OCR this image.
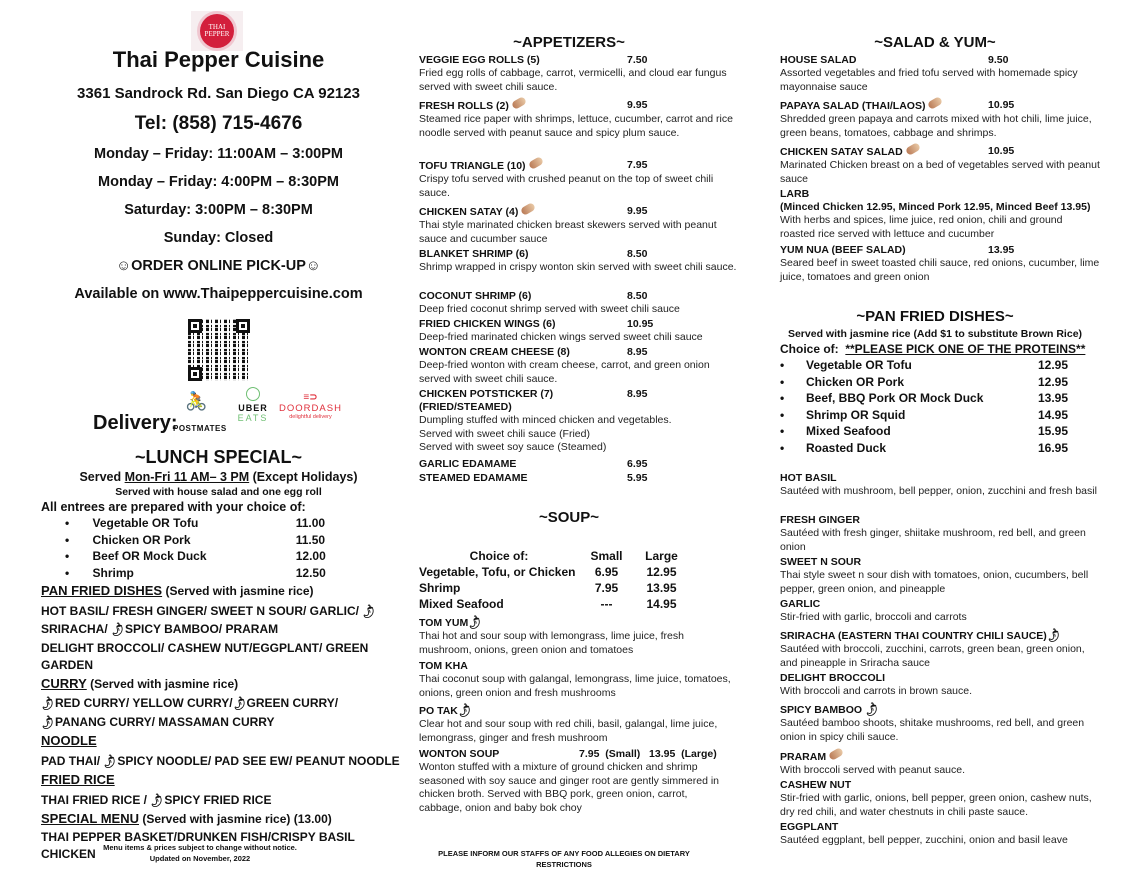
THAI
PEPPER
Thai Pepper Cuisine
3361 Sandrock Rd. San Diego CA 92123
Tel: (858) 715-4676
Monday – Friday: 11:00AM – 3:00PM
Monday – Friday: 4:00PM – 8:30PM
Saturday: 3:00PM – 8:30PM
Sunday: Closed
☺ORDER ONLINE PICK-UP☺
Available on www.Thaipeppercuisine.com
Delivery:
🚴
POSTMATES
UBER
EATS
≡⊃
DOORDASH
delightful delivery
~LUNCH SPECIAL~
Served Mon-Fri 11 AM– 3 PM (Except Holidays)
Served with house salad and one egg roll
All entrees are prepared with your choice of:
•	Vegetable OR Tofu	11.00
•	Chicken OR Pork	11.50
•	Beef OR Mock Duck	12.00
•	Shrimp	12.50
PAN FRIED DISHES (Served with jasmine rice)
HOT BASIL/ FRESH GINGER/ SWEET N SOUR/ GARLIC/ 🌶
SRIRACHA/ 🌶SPICY BAMBOO/ PRARAM
DELIGHT BROCCOLI/ CASHEW NUT/EGGPLANT/ GREEN GARDEN
CURRY (Served with jasmine rice)
🌶RED CURRY/ YELLOW CURRY/🌶GREEN CURRY/
🌶PANANG CURRY/ MASSAMAN CURRY
NOODLE
PAD THAI/ 🌶SPICY NOODLE/ PAD SEE EW/ PEANUT NOODLE
FRIED RICE
THAI FRIED RICE / 🌶SPICY FRIED RICE
SPECIAL MENU (Served with jasmine rice) (13.00)
THAI PEPPER BASKET/DRUNKEN FISH/CRISPY BASIL CHICKEN Menu items & prices subject to change without notice.
Updated on November, 2022
~APPETIZERS~
VEGGIE EGG ROLLS (5)	7.50
Fried egg rolls of cabbage, carrot, vermicelli, and cloud ear fungus served with sweet chili sauce.
FRESH ROLLS (2)	9.95
Steamed rice paper with shrimps, lettuce, cucumber, carrot and rice noodle served with peanut sauce and spicy plum sauce.
TOFU TRIANGLE (10)	7.95
Crispy tofu served with crushed peanut on the top of sweet chili sauce.
CHICKEN SATAY (4)	9.95
Thai style marinated chicken breast skewers served with peanut sauce and cucumber sauce
BLANKET SHRIMP (6)	8.50
Shrimp wrapped in crispy wonton skin served with sweet chili sauce.
COCONUT SHRIMP (6)	8.50
Deep fried coconut shrimp served with sweet chili sauce
FRIED CHICKEN WINGS (6)	10.95
Deep-fried marinated chicken wings served sweet chili sauce
WONTON CREAM CHEESE (8)	8.95
Deep-fried wonton with cream cheese, carrot, and green onion served with sweet chili sauce.
CHICKEN POTSTICKER (7)	8.95
(FRIED/STEAMED)
Dumpling stuffed with minced chicken and vegetables.
Served with sweet chili sauce (Fried)
Served with sweet soy sauce (Steamed)
GARLIC EDAMAME	6.95
STEAMED EDAMAME	5.95
~SOUP~
Choice of:	Small	Large
Vegetable, Tofu, or Chicken	6.95	12.95
Shrimp	7.95	13.95
Mixed Seafood	---	14.95
TOM YUM🌶
Thai hot and sour soup with lemongrass, lime juice, fresh mushroom, onions, green onion and tomatoes
TOM KHA
Thai coconut soup with galangal, lemongrass, lime juice, tomatoes, onions, green onion and fresh mushrooms
PO TAK🌶
Clear hot and sour soup with red chili, basil, galangal, lime juice, lemongrass, ginger and fresh mushroom
WONTON SOUP	7.95  (Small)   13.95  (Large)
Wonton stuffed with a mixture of ground chicken and shrimp seasoned with soy sauce and ginger root are gently simmered in chicken broth. Served with BBQ pork, green onion, carrot, cabbage, onion and baby bok choy
PLEASE INFORM OUR STAFFS OF ANY FOOD ALLEGIES ON DIETARY
RESTRICTIONS
~SALAD & YUM~
HOUSE SALAD	9.50
Assorted vegetables and fried tofu served with homemade spicy mayonnaise sauce
PAPAYA SALAD (THAI/LAOS)	10.95
Shredded green papaya and carrots mixed with hot chili, lime juice, green beans, tomatoes, cabbage and shrimps.
CHICKEN SATAY SALAD	10.95
Marinated Chicken breast on a bed of vegetables served with peanut sauce
LARB
(Minced Chicken 12.95, Minced Pork 12.95, Minced Beef 13.95)
With herbs and spices, lime juice, red onion, chili and ground roasted rice served with lettuce and cucumber
YUM NUA (BEEF SALAD)	13.95
Seared beef in sweet toasted chili sauce, red onions, cucumber, lime juice, tomatoes and green onion
~PAN FRIED DISHES~
Served with jasmine rice (Add $1 to substitute Brown Rice)
Choice of:  **PLEASE PICK ONE OF THE PROTEINS**
•	Vegetable OR Tofu	12.95
•	Chicken OR Pork	12.95
•	Beef, BBQ Pork OR Mock Duck	13.95
•	Shrimp OR Squid	14.95
•	Mixed Seafood	15.95
•	Roasted Duck	16.95
HOT BASIL
Sautéed with mushroom, bell pepper, onion, zucchini and fresh basil
FRESH GINGER
Sautéed with fresh ginger, shiitake mushroom, red bell, and green onion
SWEET N SOUR
Thai style sweet n sour dish with tomatoes, onion, cucumbers, bell pepper, green onion, and pineapple
GARLIC
Stir-fried with garlic, broccoli and carrots
SRIRACHA (EASTERN THAI COUNTRY CHILI SAUCE)
🌶
Sautéed with broccoli, zucchini, carrots, green bean, green onion, and pineapple in Sriracha sauce
DELIGHT BROCCOLI
With broccoli and carrots in brown sauce.
SPICY BAMBOO 🌶
Sautéed bamboo shoots, shitake mushrooms, red bell, and green onion in spicy chili sauce.
PRARAM
With broccoli served with peanut sauce.
CASHEW NUT
Stir-fried with garlic, onions, bell pepper, green onion, cashew nuts, dry red chili, and water chestnuts in chili paste sauce.
EGGPLANT
Sautéed eggplant, bell pepper, zucchini, onion and basil leave
